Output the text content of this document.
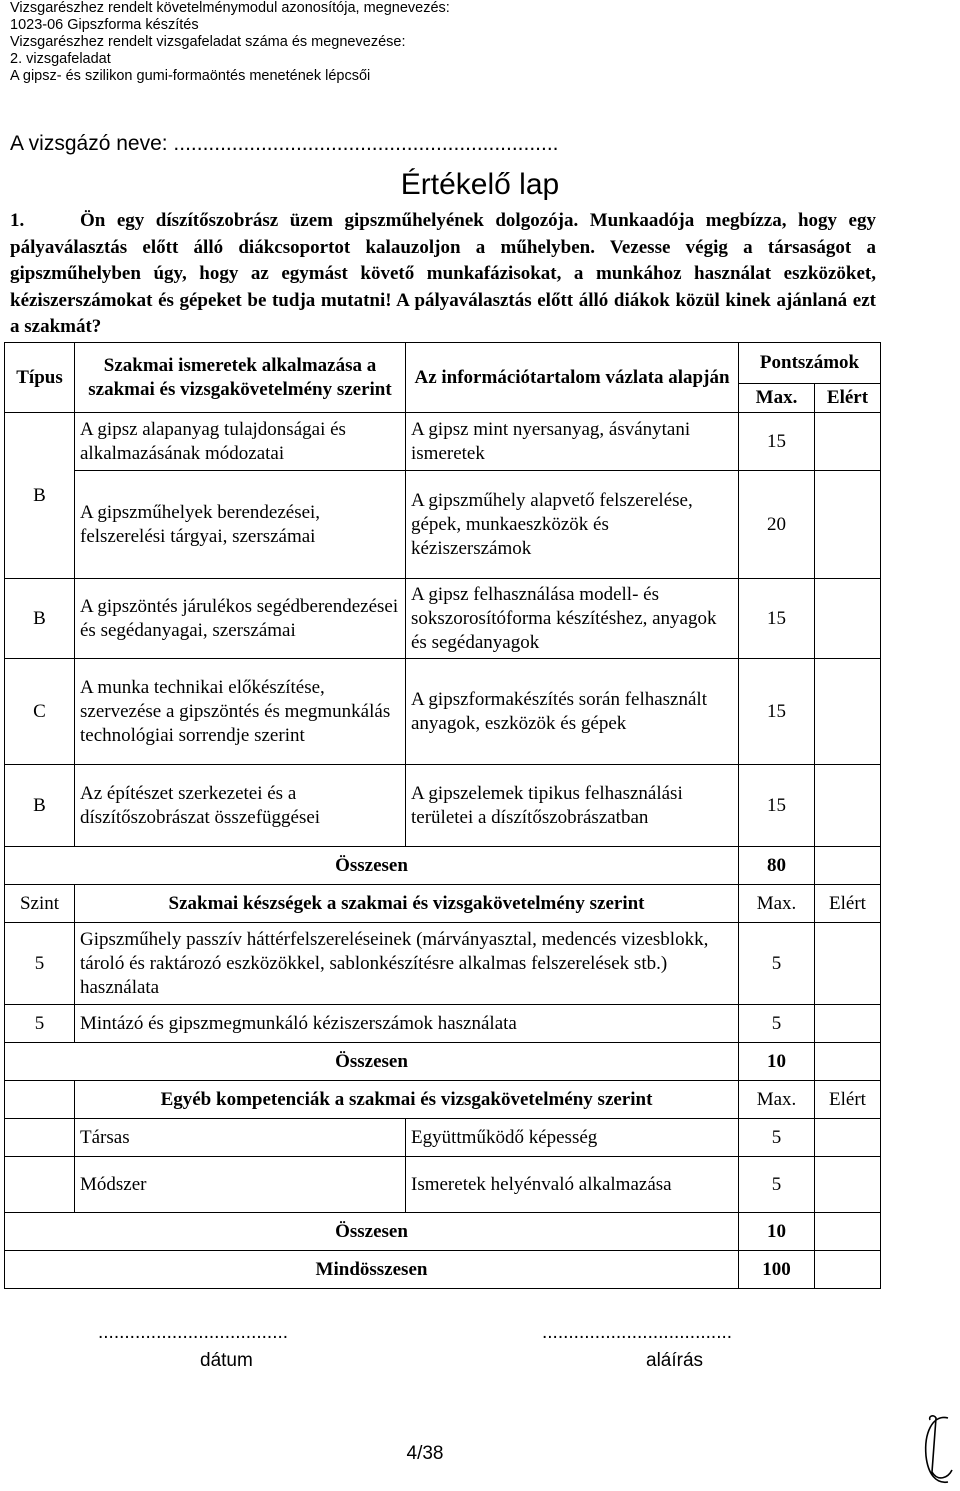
Vizsgarészhez rendelt követelménymodul azonosítója, megnevezés:
1023-06 Gipszforma készítés
Vizsgarészhez rendelt vizsgafeladat száma és megnevezése:
2. vizsgafeladat
A gipsz- és szilikon gumi-formaöntés menetének lépcsői
A vizsgázó neve: ..................................................................
Értékelő lap
1.	Ön egy díszítőszobrász üzem gipszműhelyének dolgozója. Munkaadója megbízza, hogy egy pályaválasztás előtt álló diákcsoportot kalauzoljon a műhelyben. Vezesse végig a társaságot a gipszműhelyben úgy, hogy az egymást követő munkafázisokat, a munkához használat eszközöket, kéziszerszámokat és gépeket be tudja mutatni! A pályaválasztás előtt álló diákok közül kinek ajánlaná ezt a szakmát?
Típus	Szakmai ismeretek alkalmazása a szakmai és vizsgakövetelmény szerint	Az információtartalom vázlata alapján	Pontszámok	
			Max.	Elért
B	A gipsz alapanyag tulajdonságai és alkalmazásának módozatai	A gipsz mint nyersanyag, ásványtani ismeretek	15	
	A gipszműhelyek berendezései, felszerelési tárgyai, szerszámai	A gipszműhely alapvető felszerelése, gépek, munkaeszközök és kéziszerszámok	20	
B	A gipszöntés járulékos segédberendezései és segédanyagai, szerszámai	A gipsz felhasználása modell- és sokszorosítóforma készítéshez, anyagok és segédanyagok	15	
C	A munka technikai előkészítése, szervezése a gipszöntés és megmunkálás technológiai sorrendje szerint	A gipszformakészítés során felhasznált anyagok, eszközök és gépek	15	
B	Az építészet szerkezetei és a díszítőszobrászat összefüggései	A gipszelemek tipikus felhasználási területei a díszítőszobrászatban	15	
Összesen			80	
Szint	Szakmai készségek a szakmai és vizsgakövetelmény szerint		Max.	Elért
5	Gipszműhely passzív háttérfelszereléseinek (márványasztal, medencés vizesblokk, tároló és raktározó eszközökkel, sablonkészítésre alkalmas felszerelések stb.) használata		5	
5	Mintázó és gipszmegmunkáló kéziszerszámok használata		5	
Összesen			10	
	Egyéb kompetenciák a szakmai és vizsgakövetelmény szerint		Max.	Elért
	Társas	Együttműködő képesség	5	
	Módszer	Ismeretek helyénvaló alkalmazása	5	
Összesen			10	
Mindösszesen			100	
....................................
dátum
....................................
aláírás
4/38
